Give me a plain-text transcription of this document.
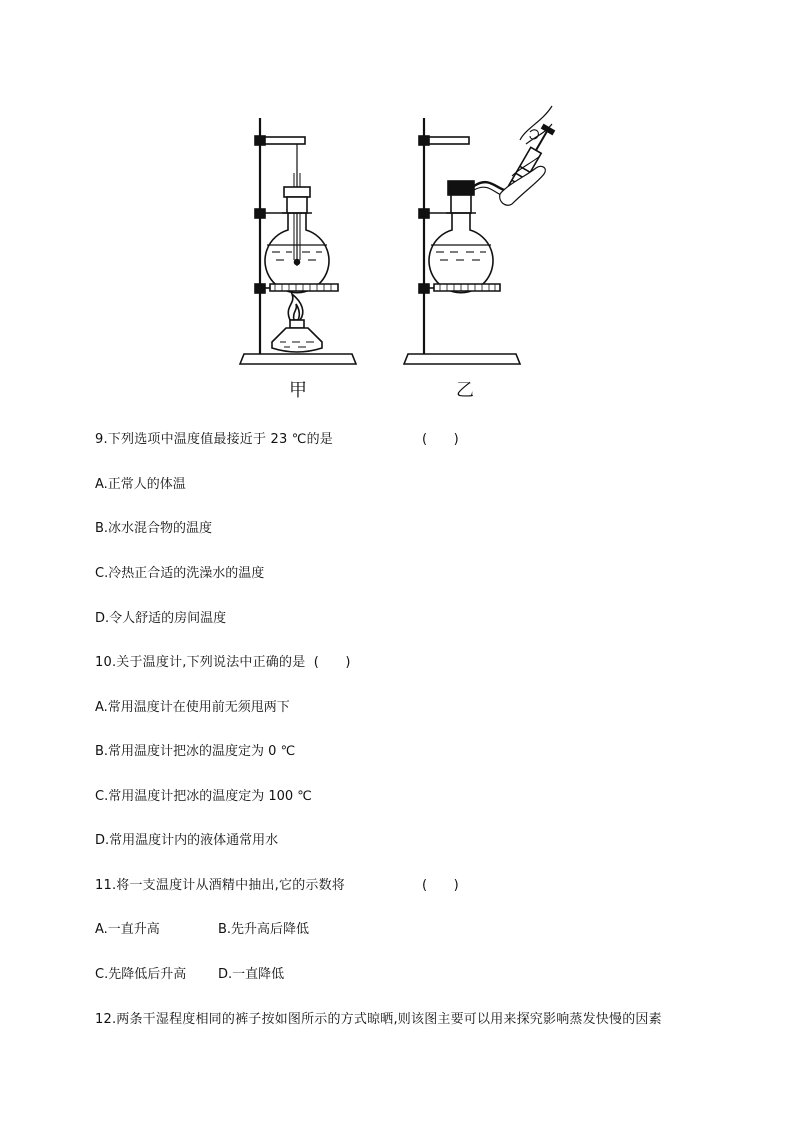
甲	乙
9.下列选项中温度值最接近于 23 ℃的是	(　　)
A.正常人的体温
B.冰水混合物的温度
C.冷热正合适的洗澡水的温度
D.令人舒适的房间温度
10.关于温度计,下列说法中正确的是 (　　)
A.常用温度计在使用前无须甩两下
B.常用温度计把冰的温度定为 0 ℃
C.常用温度计把冰的温度定为 100 ℃
D.常用温度计内的液体通常用水
11.将一支温度计从酒精中抽出,它的示数将	(　　)
A.一直升高	B.先升高后降低
C.先降低后升高 D.一直降低
12.两条干湿程度相同的裤子按如图所示的方式晾晒,则该图主要可以用来探究影响蒸发快慢的因素
